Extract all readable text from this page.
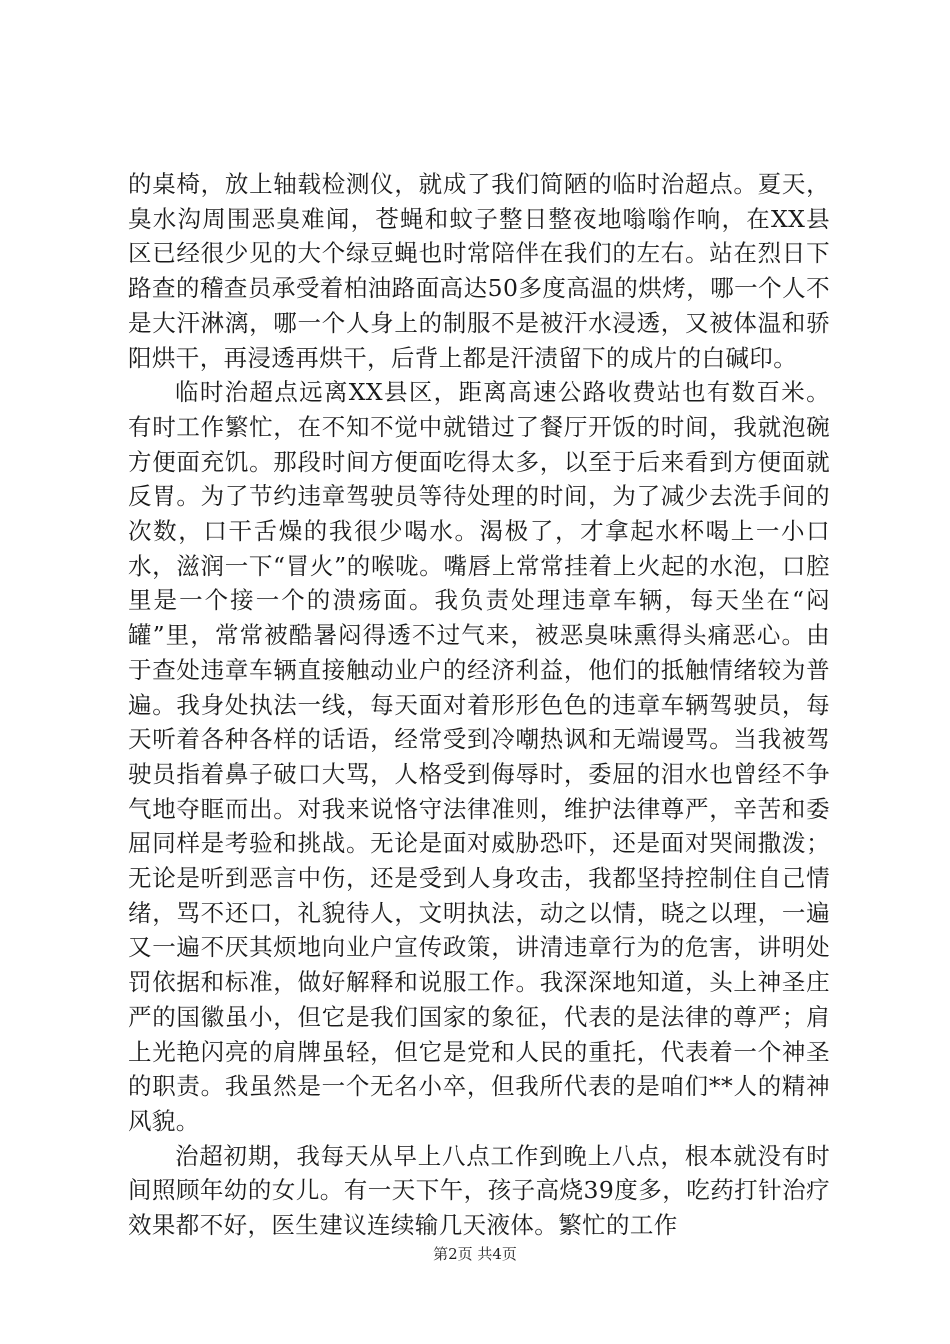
的桌椅，放上轴载检测仪，就成了我们简陋的临时治超点。夏天，臭水沟周围恶臭难闻，苍蝇和蚊子整日整夜地嗡嗡作响，在XX县区已经很少见的大个绿豆蝇也时常陪伴在我们的左右。站在烈日下路查的稽查员承受着柏油路面高达50多度高温的烘烤，哪一个人不是大汗淋漓，哪一个人身上的制服不是被汗水浸透，又被体温和骄阳烘干，再浸透再烘干，后背上都是汗渍留下的成片的白碱印。

临时治超点远离XX县区，距离高速公路收费站也有数百米。有时工作繁忙，在不知不觉中就错过了餐厅开饭的时间，我就泡碗方便面充饥。那段时间方便面吃得太多，以至于后来看到方便面就反胃。为了节约违章驾驶员等待处理的时间，为了减少去洗手间的次数，口干舌燥的我很少喝水。渴极了，才拿起水杯喝上一小口水，滋润一下“冒火”的喉咙。嘴唇上常常挂着上火起的水泡，口腔里是一个接一个的溃疡面。我负责处理违章车辆，每天坐在“闷罐”里，常常被酷暑闷得透不过气来，被恶臭味熏得头痛恶心。由于查处违章车辆直接触动业户的经济利益，他们的抵触情绪较为普遍。我身处执法一线，每天面对着形形色色的违章车辆驾驶员，每天听着各种各样的话语，经常受到冷嘲热讽和无端谩骂。当我被驾驶员指着鼻子破口大骂，人格受到侮辱时，委屈的泪水也曾经不争气地夺眶而出。对我来说恪守法律准则，维护法律尊严，辛苦和委屈同样是考验和挑战。无论是面对威胁恐吓，还是面对哭闹撒泼；无论是听到恶言中伤，还是受到人身攻击，我都坚持控制住自己情绪，骂不还口，礼貌待人，文明执法，动之以情，晓之以理，一遍又一遍不厌其烦地向业户宣传政策，讲清违章行为的危害，讲明处罚依据和标准，做好解释和说服工作。我深深地知道，头上神圣庄严的国徽虽小，但它是我们国家的象征，代表的是法律的尊严；肩上光艳闪亮的肩牌虽轻，但它是党和人民的重托，代表着一个神圣的职责。我虽然是一个无名小卒，但我所代表的是咱们**人的精神风貌。

治超初期，我每天从早上八点工作到晚上八点，根本就没有时间照顾年幼的女儿。有一天下午，孩子高烧39度多，吃药打针治疗效果都不好，医生建议连续输几天液体。繁忙的工作

第2页 共4页
